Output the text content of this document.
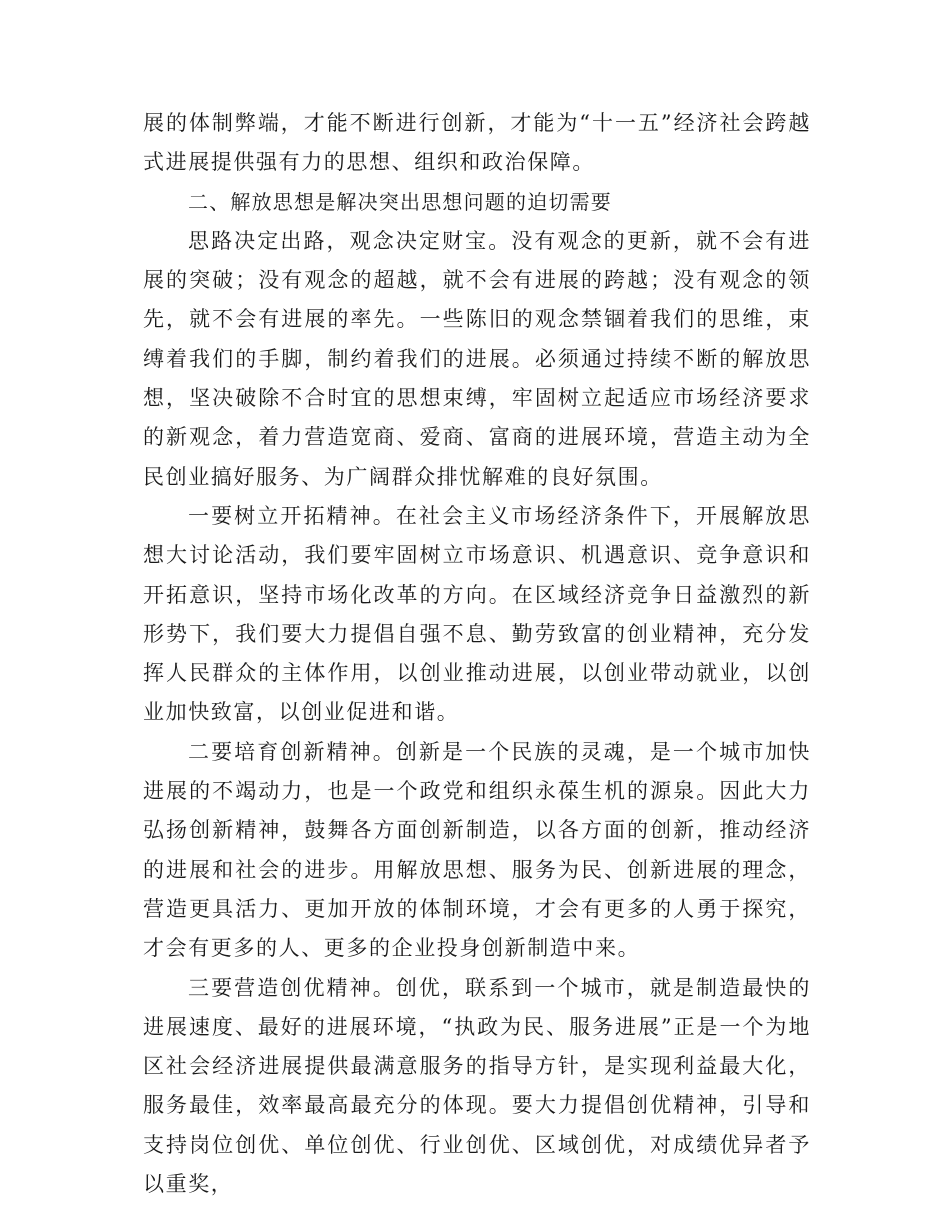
展的体制弊端，才能不断进行创新，才能为“十一五”经济社会跨越式进展提供强有力的思想、组织和政治保障。

二、解放思想是解决突出思想问题的迫切需要

思路决定出路，观念决定财宝。没有观念的更新，就不会有进展的突破；没有观念的超越，就不会有进展的跨越；没有观念的领先，就不会有进展的率先。一些陈旧的观念禁锢着我们的思维，束缚着我们的手脚，制约着我们的进展。必须通过持续不断的解放思想，坚决破除不合时宜的思想束缚，牢固树立起适应市场经济要求的新观念，着力营造宽商、爱商、富商的进展环境，营造主动为全民创业搞好服务、为广阔群众排忧解难的良好氛围。

一要树立开拓精神。在社会主义市场经济条件下，开展解放思想大讨论活动，我们要牢固树立市场意识、机遇意识、竞争意识和开拓意识，坚持市场化改革的方向。在区域经济竞争日益激烈的新形势下，我们要大力提倡自强不息、勤劳致富的创业精神，充分发挥人民群众的主体作用，以创业推动进展，以创业带动就业，以创业加快致富，以创业促进和谐。

二要培育创新精神。创新是一个民族的灵魂，是一个城市加快进展的不竭动力，也是一个政党和组织永葆生机的源泉。因此大力弘扬创新精神，鼓舞各方面创新制造，以各方面的创新，推动经济的进展和社会的进步。用解放思想、服务为民、创新进展的理念，营造更具活力、更加开放的体制环境，才会有更多的人勇于探究，才会有更多的人、更多的企业投身创新制造中来。

三要营造创优精神。创优，联系到一个城市，就是制造最快的进展速度、最好的进展环境，“执政为民、服务进展”正是一个为地区社会经济进展提供最满意服务的指导方针，是实现利益最大化，服务最佳，效率最高最充分的体现。要大力提倡创优精神，引导和支持岗位创优、单位创优、行业创优、区域创优，对成绩优异者予以重奖，
